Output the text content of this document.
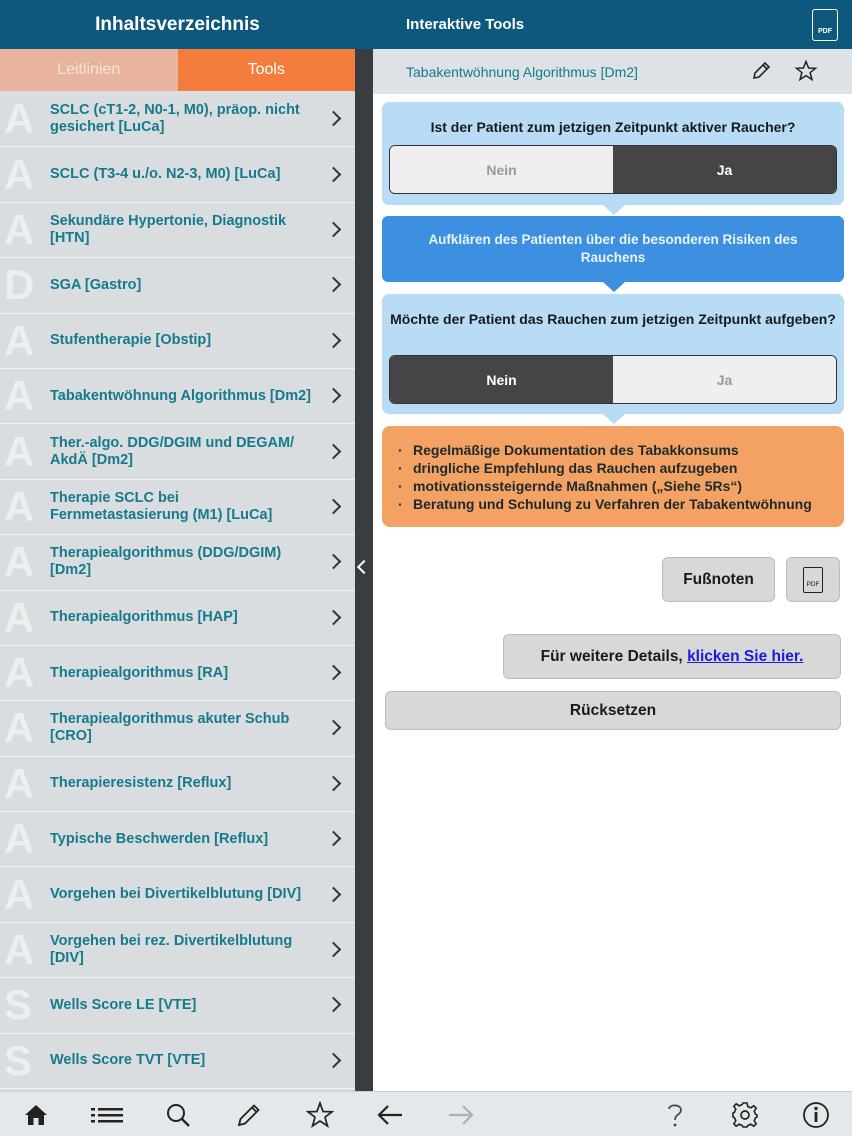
Inhaltsverzeichnis
Leitlinien	Tools
A SCLC (cT1-2, N0-1, M0), präop. nicht gesichert [LuCa]
A SCLC (T3-4 u./o. N2-3, M0) [LuCa]
A Sekundäre Hypertonie, Diagnostik [HTN]
D SGA [Gastro]
A Stufentherapie [Obstip]
A Tabakentwöhnung Algorithmus [Dm2]
A Ther.-algo. DDG/DGIM und DEGAM/ AkdÄ [Dm2]
A Therapie SCLC bei Fernmetastasierung (M1) [LuCa]
A Therapiealgorithmus (DDG/DGIM) [Dm2]
A Therapiealgorithmus [HAP]
A Therapiealgorithmus [RA]
A Therapiealgorithmus akuter Schub [CRO]
A Therapieresistenz [Reflux]
A Typische Beschwerden [Reflux]
A Vorgehen bei Divertikelblutung [DIV]
A Vorgehen bei rez. Divertikelblutung [DIV]
S Wells Score LE [VTE]
S Wells Score TVT [VTE]
Interaktive Tools	PDF
Tabakentwöhnung Algorithmus [Dm2]
Ist der Patient zum jetzigen Zeitpunkt aktiver Raucher?
Nein	Ja
Aufklären des Patienten über die besonderen Risiken des Rauchens
Möchte der Patient das Rauchen zum jetzigen Zeitpunkt aufgeben?
Nein	Ja
· Regelmäßige Dokumentation des Tabakkonsums
· dringliche Empfehlung das Rauchen aufzugeben
· motivationssteigernde Maßnahmen („Siehe 5Rs“)
· Beratung und Schulung zu Verfahren der Tabakentwöhnung
Fußnoten	PDF
Für weitere Details, klicken Sie hier.
Rücksetzen
